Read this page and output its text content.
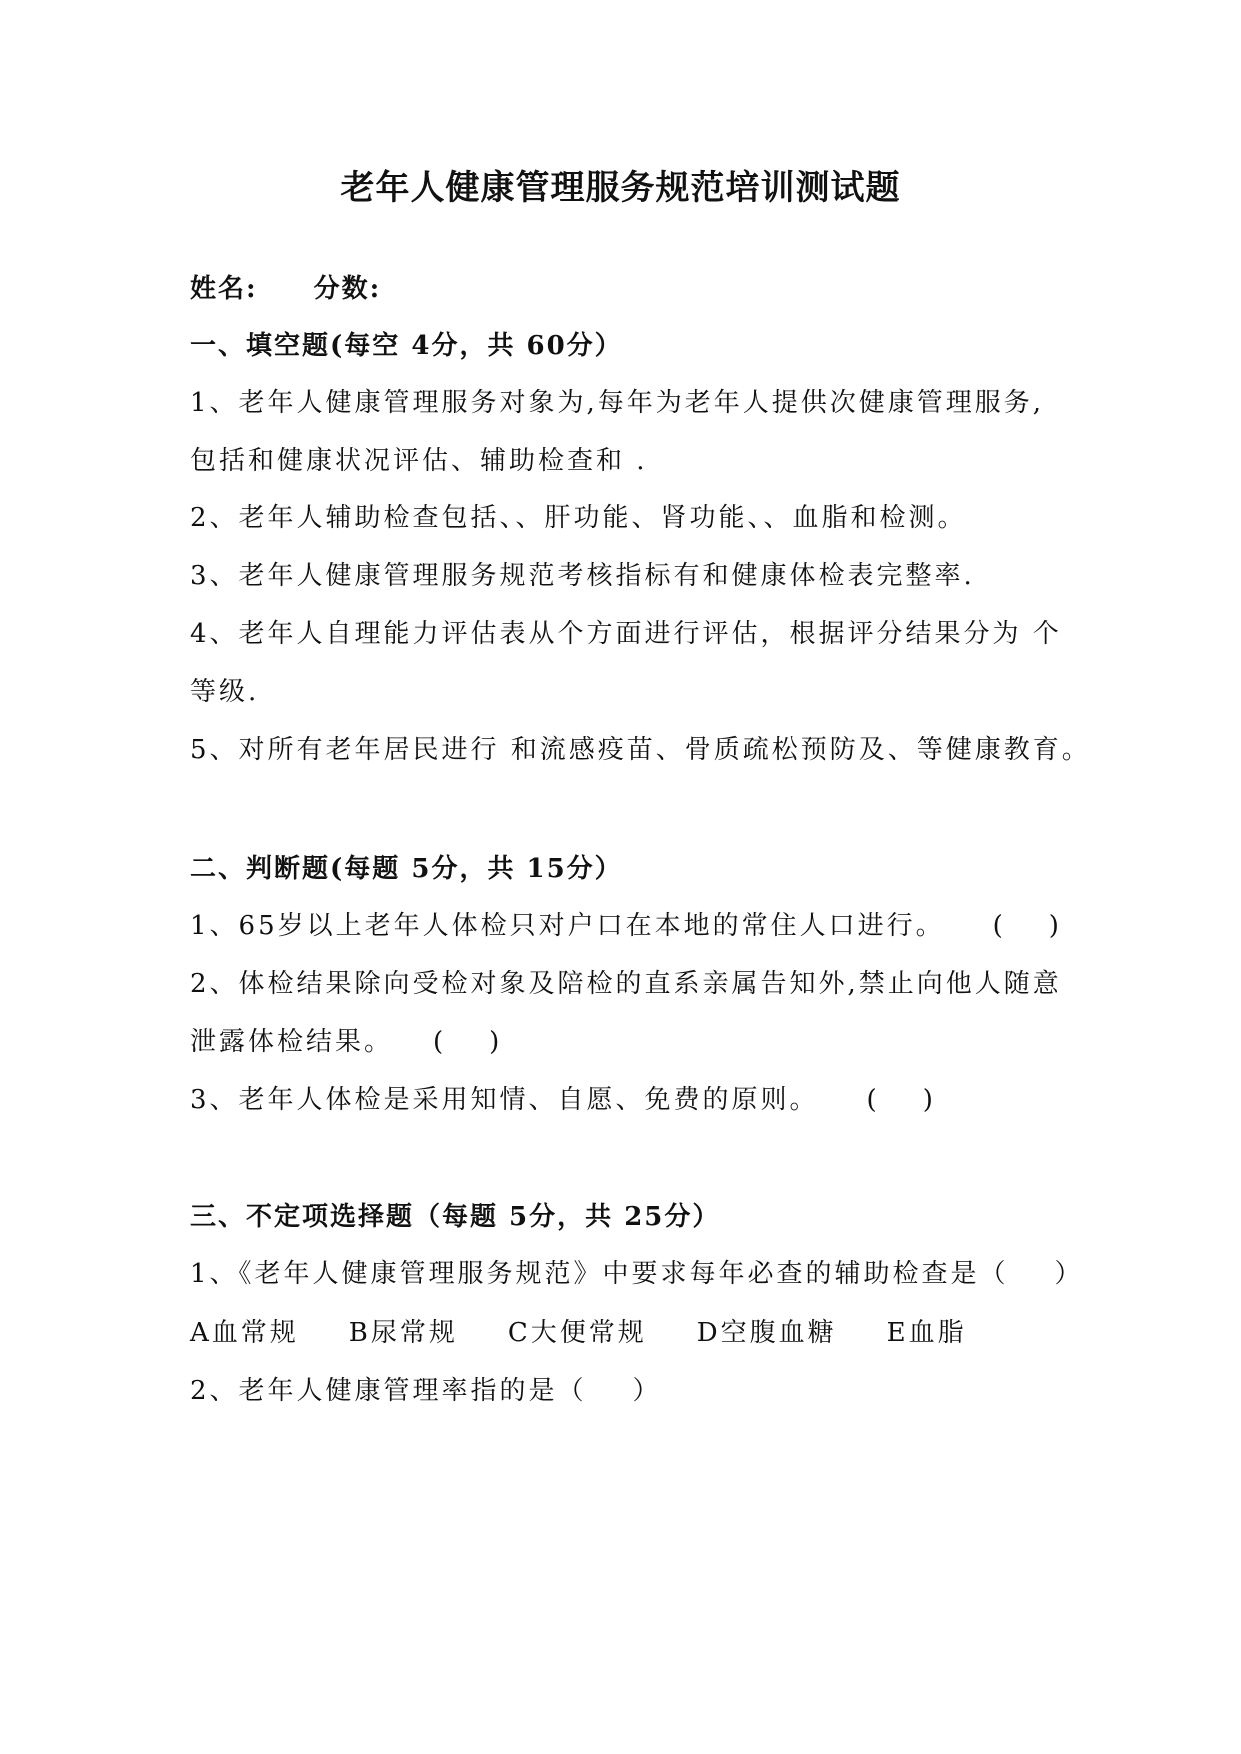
老年人健康管理服务规范培训测试题

姓名: 分数:

一、填空题(每空 4分，共 60分）

1、老年人健康管理服务对象为,每年为老年人提供次健康管理服务,

包括和健康状况评估、辅助检查和 .

2、老年人辅助检查包括、、肝功能、肾功能、、血脂和检测。

3、老年人健康管理服务规范考核指标有和健康体检表完整率.

4、老年人自理能力评估表从个方面进行评估，根据评分结果分为 个

等级.

5、对所有老年居民进行 和流感疫苗、骨质疏松预防及、等健康教育。

二、判断题(每题 5分，共 15分）

1、65岁以上老年人体检只对户口在本地的常住人口进行。 ( )

2、体检结果除向受检对象及陪检的直系亲属告知外,禁止向他人随意

泄露体检结果。 ( )

3、老年人体检是采用知情、自愿、免费的原则。 ( )

三、不定项选择题（每题 5分，共 25分）

1、《老年人健康管理服务规范》中要求每年必查的辅助检查是（ ）

A血常规 B尿常规 C大便常规 D空腹血糖 E血脂

2、老年人健康管理率指的是（ ）
